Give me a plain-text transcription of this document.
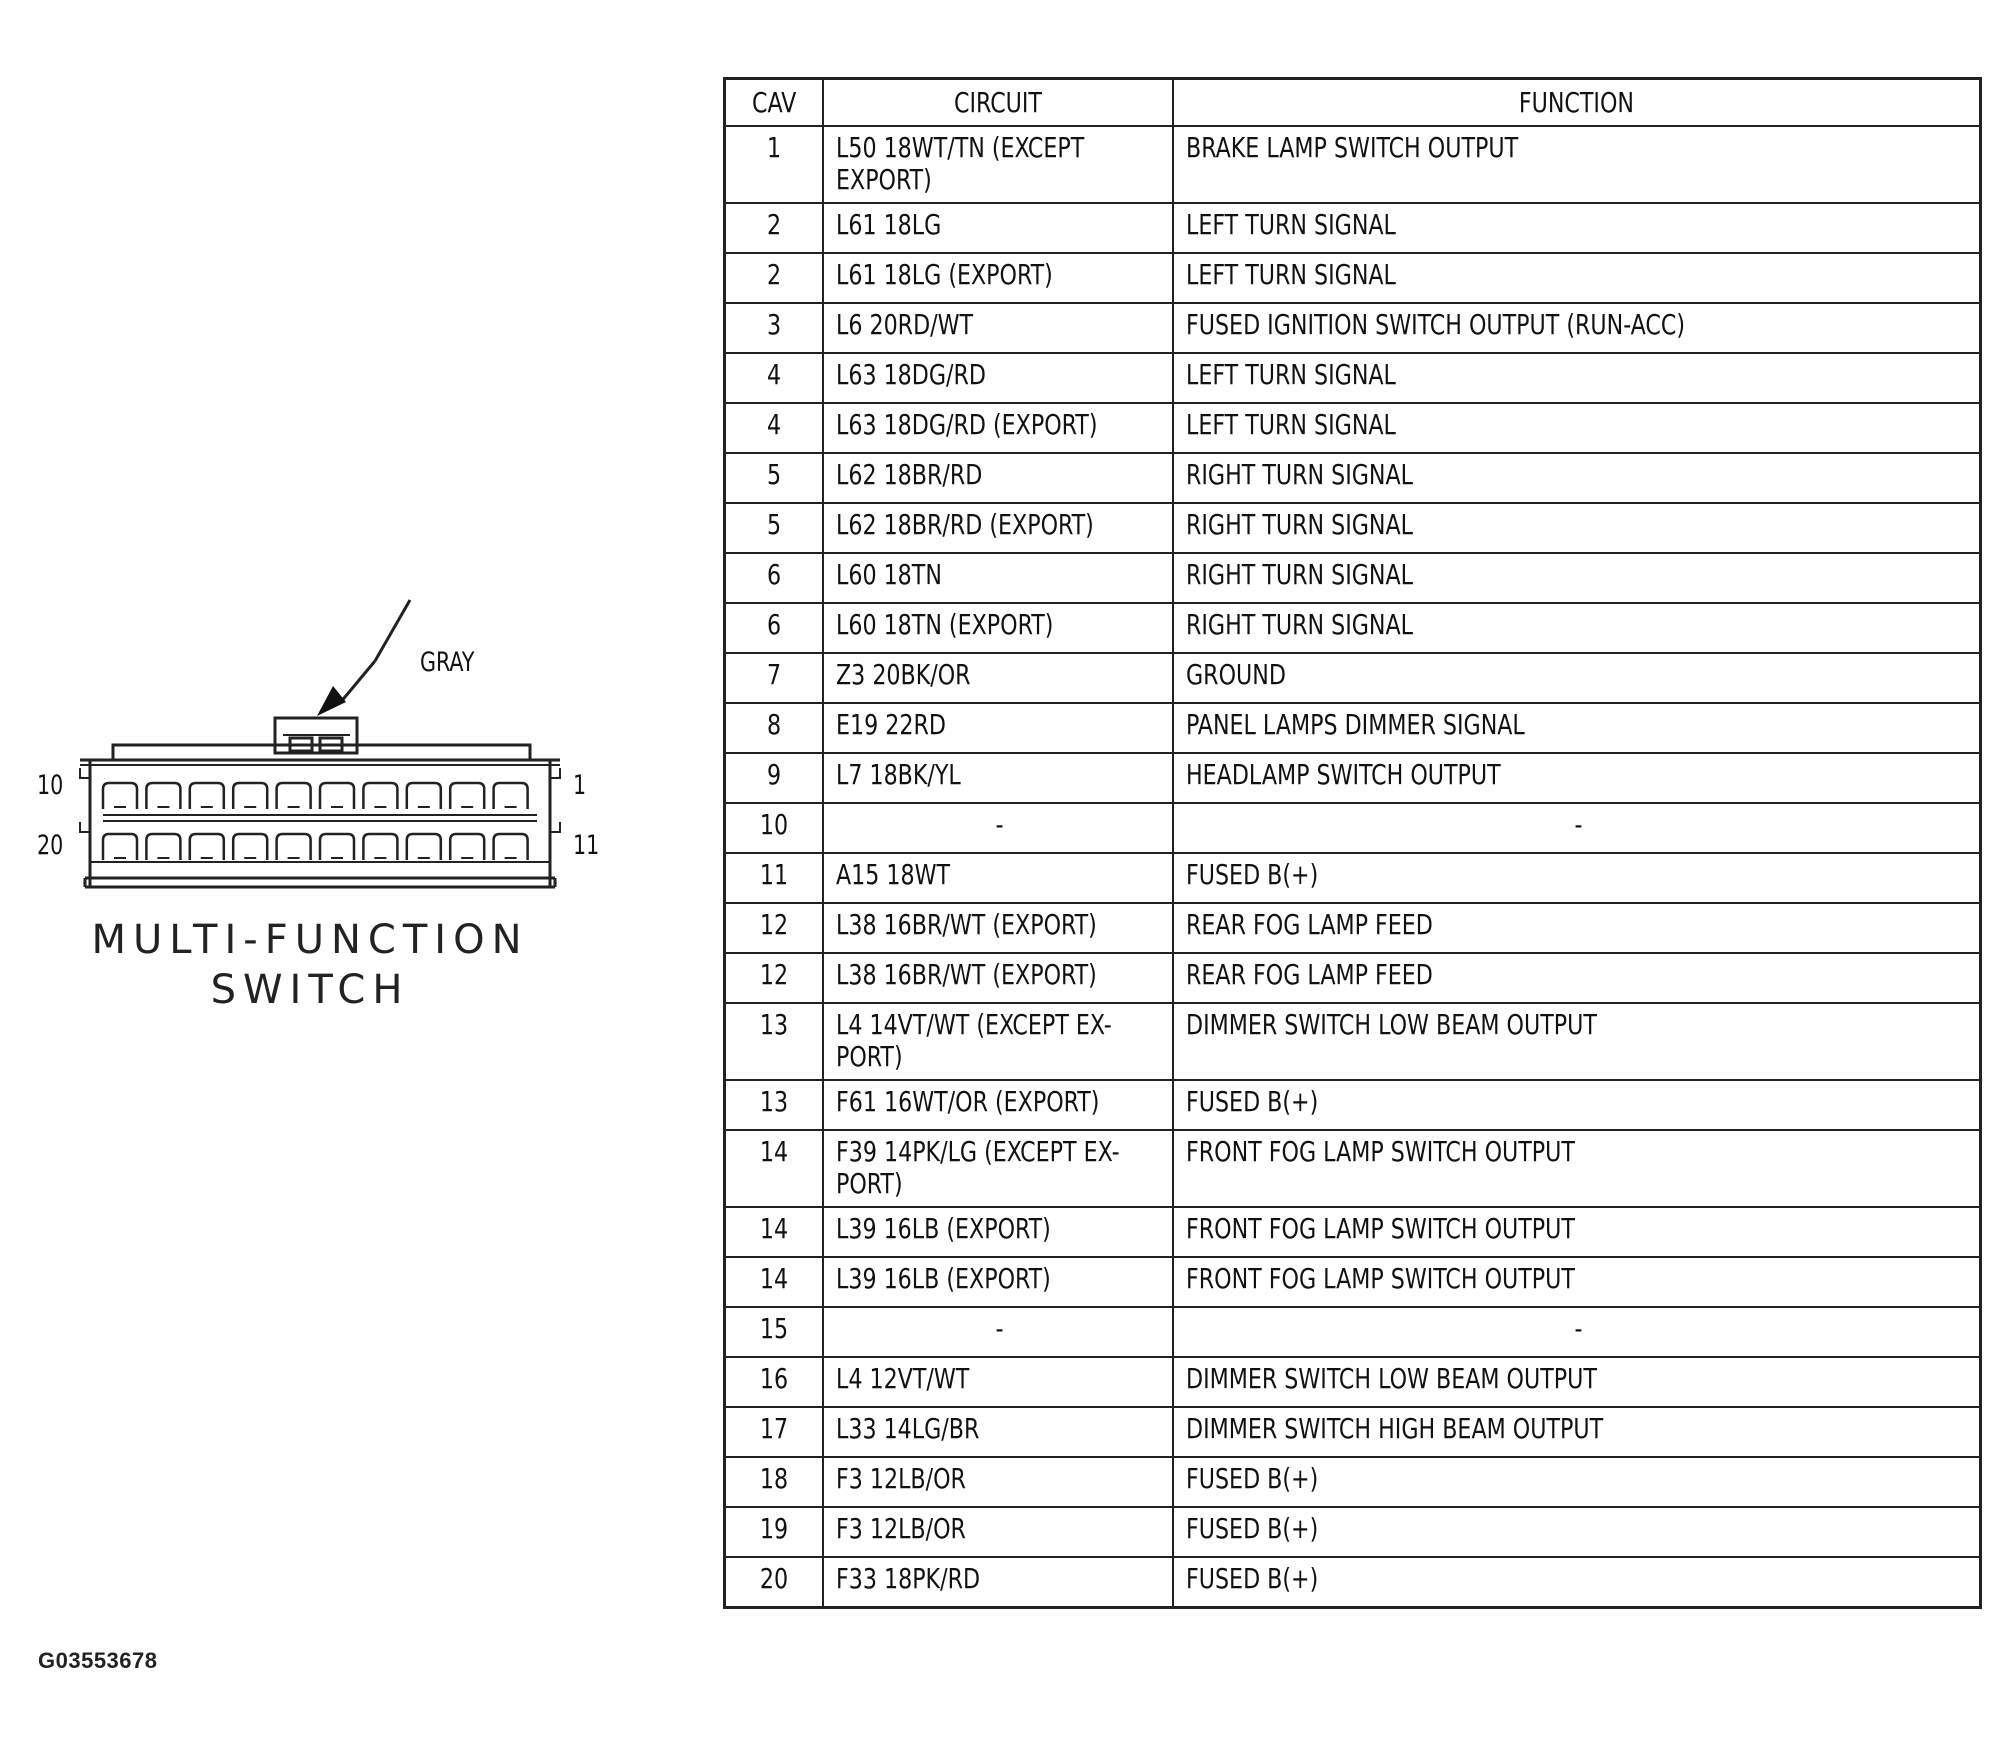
GRAY
10	1
20	11
MULTI-FUNCTION
SWITCH
CAV	CIRCUIT	FUNCTION
1	L50 18WT/TN (EXCEPT EXPORT)	BRAKE LAMP SWITCH OUTPUT
2	L61 18LG	LEFT TURN SIGNAL
2	L61 18LG (EXPORT)	LEFT TURN SIGNAL
3	L6 20RD/WT	FUSED IGNITION SWITCH OUTPUT (RUN-ACC)
4	L63 18DG/RD	LEFT TURN SIGNAL
4	L63 18DG/RD (EXPORT)	LEFT TURN SIGNAL
5	L62 18BR/RD	RIGHT TURN SIGNAL
5	L62 18BR/RD (EXPORT)	RIGHT TURN SIGNAL
6	L60 18TN	RIGHT TURN SIGNAL
6	L60 18TN (EXPORT)	RIGHT TURN SIGNAL
7	Z3 20BK/OR	GROUND
8	E19 22RD	PANEL LAMPS DIMMER SIGNAL
9	L7 18BK/YL	HEADLAMP SWITCH OUTPUT
10	-	-
11	A15 18WT	FUSED B(+)
12	L38 16BR/WT (EXPORT)	REAR FOG LAMP FEED
12	L38 16BR/WT (EXPORT)	REAR FOG LAMP FEED
13	L4 14VT/WT (EXCEPT EX-PORT)	DIMMER SWITCH LOW BEAM OUTPUT
13	F61 16WT/OR (EXPORT)	FUSED B(+)
14	F39 14PK/LG (EXCEPT EX-PORT)	FRONT FOG LAMP SWITCH OUTPUT
14	L39 16LB (EXPORT)	FRONT FOG LAMP SWITCH OUTPUT
14	L39 16LB (EXPORT)	FRONT FOG LAMP SWITCH OUTPUT
15	-	-
16	L4 12VT/WT	DIMMER SWITCH LOW BEAM OUTPUT
17	L33 14LG/BR	DIMMER SWITCH HIGH BEAM OUTPUT
18	F3 12LB/OR	FUSED B(+)
19	F3 12LB/OR	FUSED B(+)
20	F33 18PK/RD	FUSED B(+)
G03553678
